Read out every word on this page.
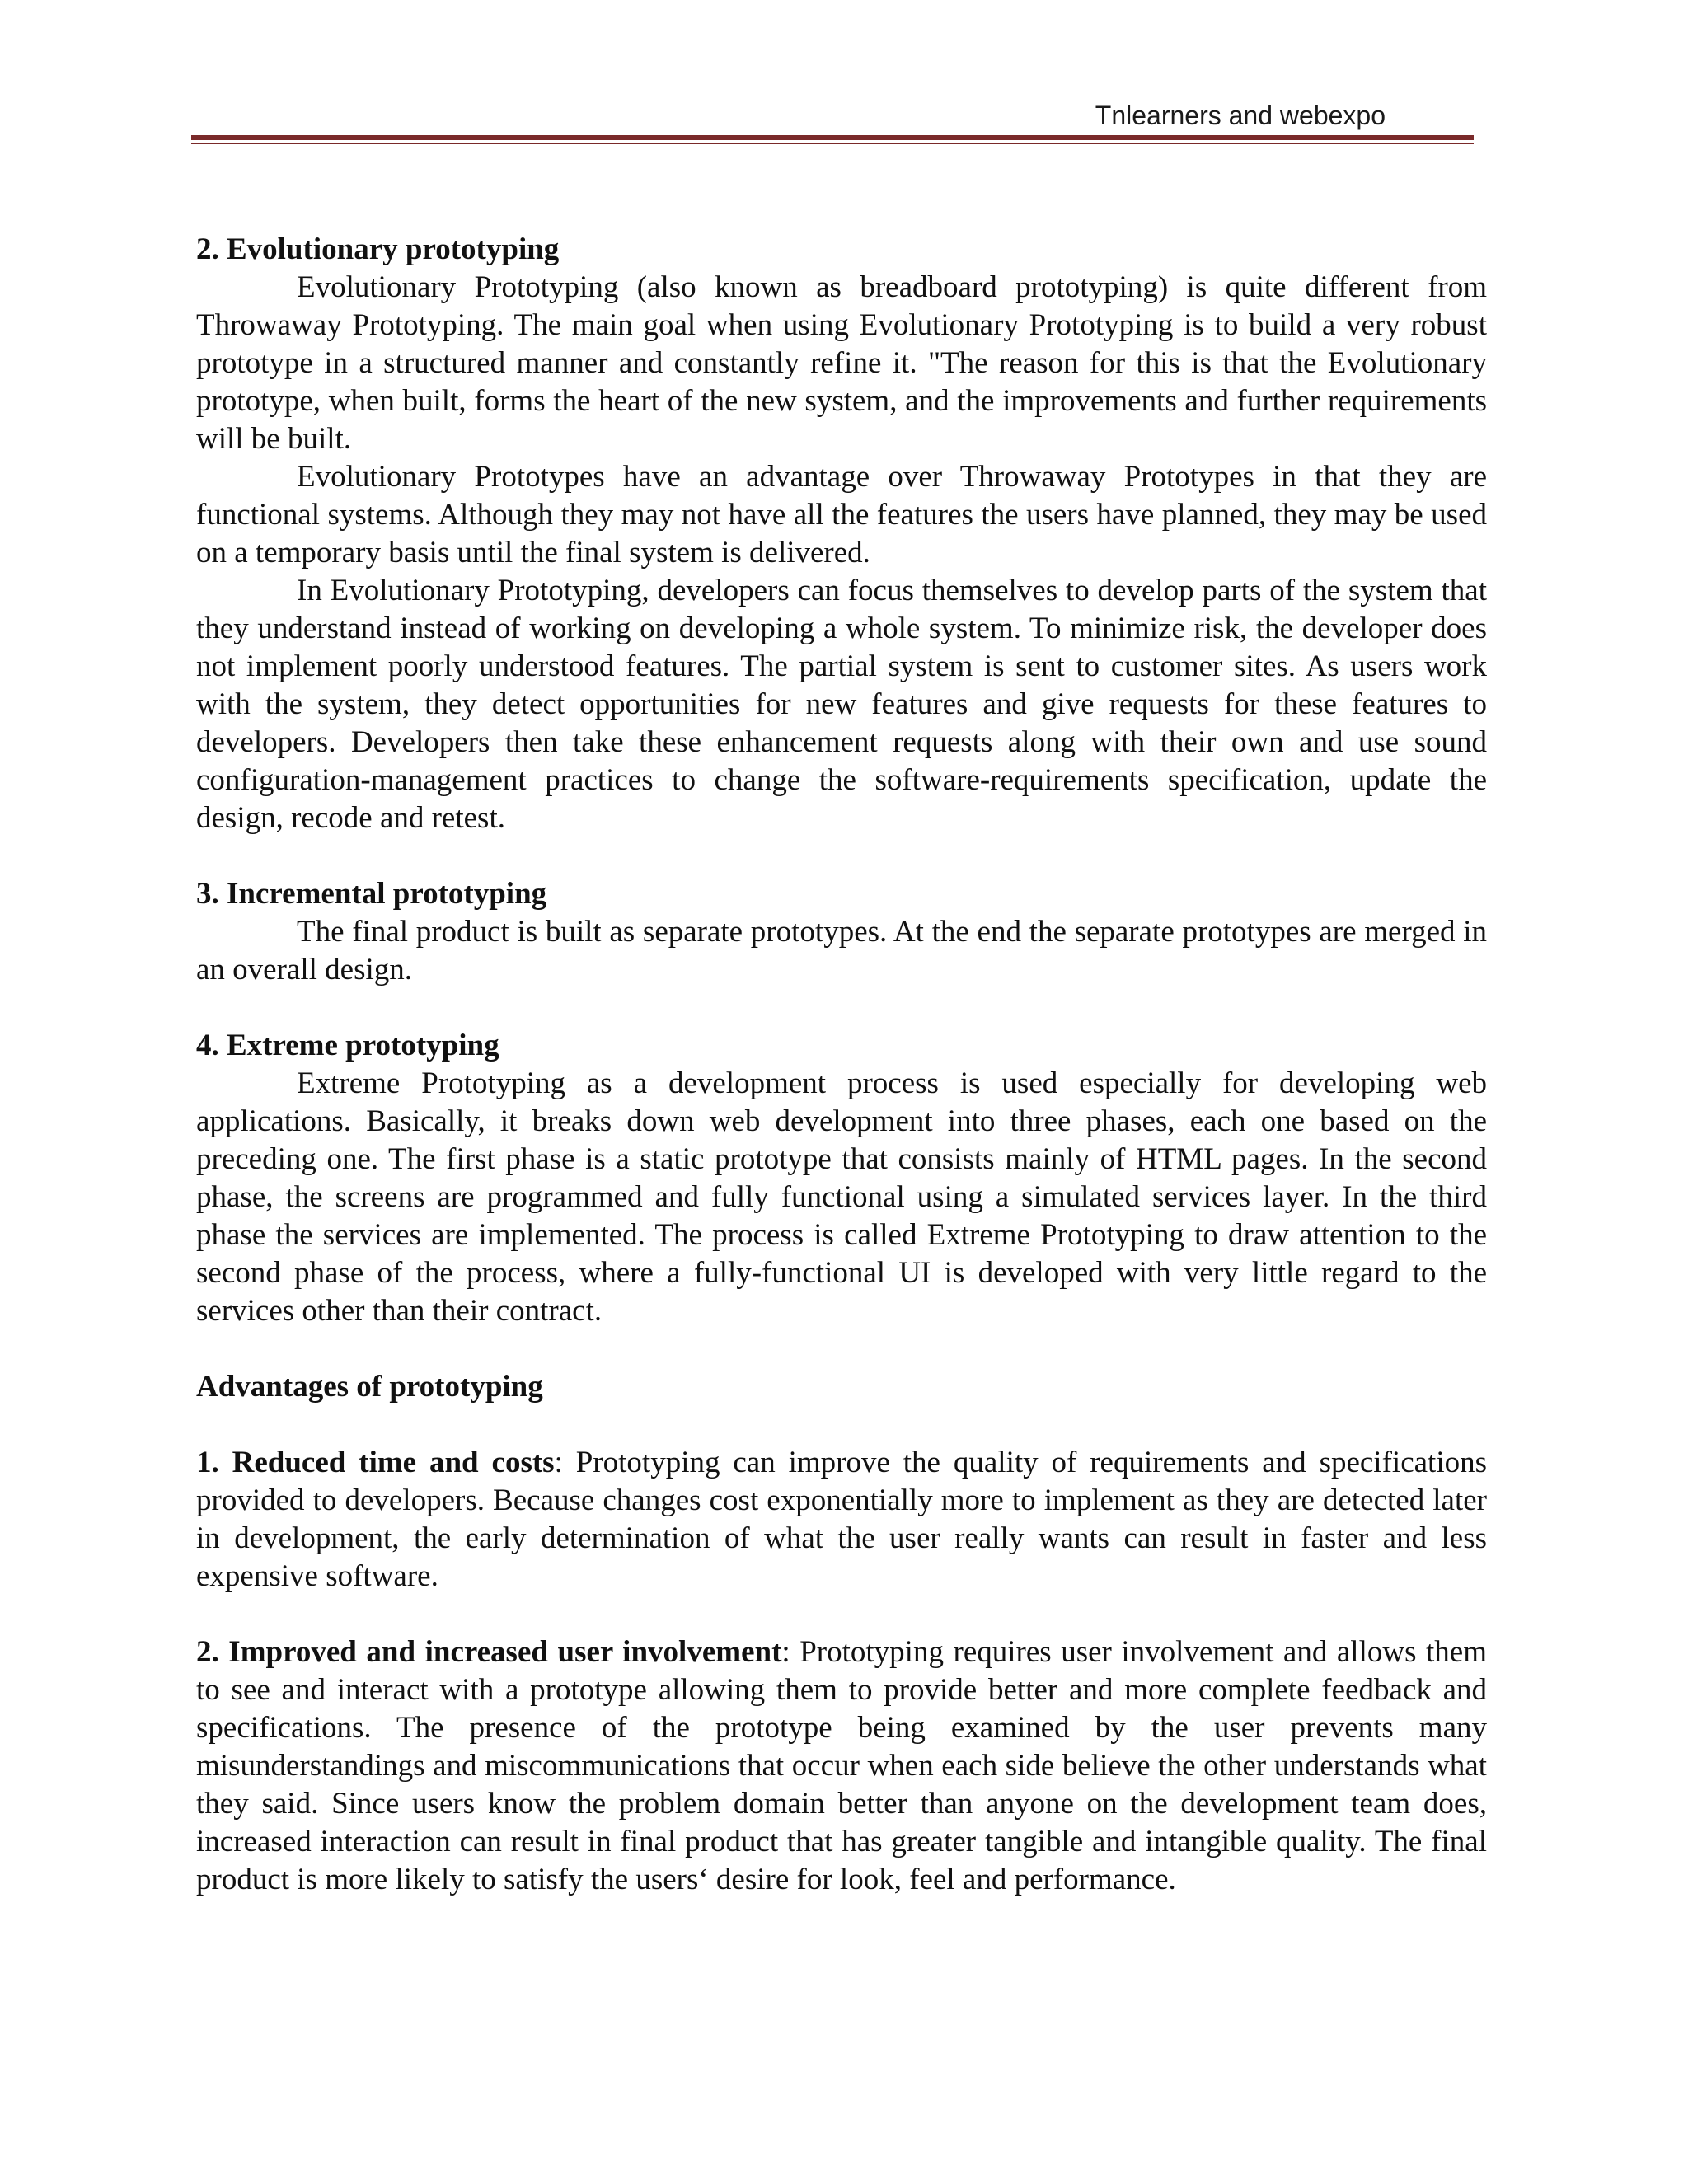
Tnlearners and webexpo
2. Evolutionary prototyping

Evolutionary Prototyping (also known as breadboard prototyping) is quite different from Throwaway Prototyping. The main goal when using Evolutionary Prototyping is to build a very robust prototype in a structured manner and constantly refine it. "The reason for this is that the Evolutionary prototype, when built, forms the heart of the new system, and the improvements and further requirements will be built.

Evolutionary Prototypes have an advantage over Throwaway Prototypes in that they are functional systems. Although they may not have all the features the users have planned, they may be used on a temporary basis until the final system is delivered.

In Evolutionary Prototyping, developers can focus themselves to develop parts of the system that they understand instead of working on developing a whole system. To minimize risk, the developer does not implement poorly understood features. The partial system is sent to customer sites. As users work with the system, they detect opportunities for new features and give requests for these features to developers. Developers then take these enhancement requests along with their own and use sound configuration-management practices to change the software-requirements specification, update the design, recode and retest.

3. Incremental prototyping

The final product is built as separate prototypes. At the end the separate prototypes are merged in an overall design.

4. Extreme prototyping

Extreme Prototyping as a development process is used especially for developing web applications. Basically, it breaks down web development into three phases, each one based on the preceding one. The first phase is a static prototype that consists mainly of HTML pages. In the second phase, the screens are programmed and fully functional using a simulated services layer. In the third phase the services are implemented. The process is called Extreme Prototyping to draw attention to the second phase of the process, where a fully-functional UI is developed with very little regard to the services other than their contract.

Advantages of prototyping

1. Reduced time and costs: Prototyping can improve the quality of requirements and specifications provided to developers. Because changes cost exponentially more to implement as they are detected later in development, the early determination of what the user really wants can result in faster and less expensive software.

2. Improved and increased user involvement: Prototyping requires user involvement and allows them to see and interact with a prototype allowing them to provide better and more complete feedback and specifications. The presence of the prototype being examined by the user prevents many misunderstandings and miscommunications that occur when each side believe the other understands what they said. Since users know the problem domain better than anyone on the development team does, increased interaction can result in final product that has greater tangible and intangible quality. The final product is more likely to satisfy the users‘ desire for look, feel and performance.
